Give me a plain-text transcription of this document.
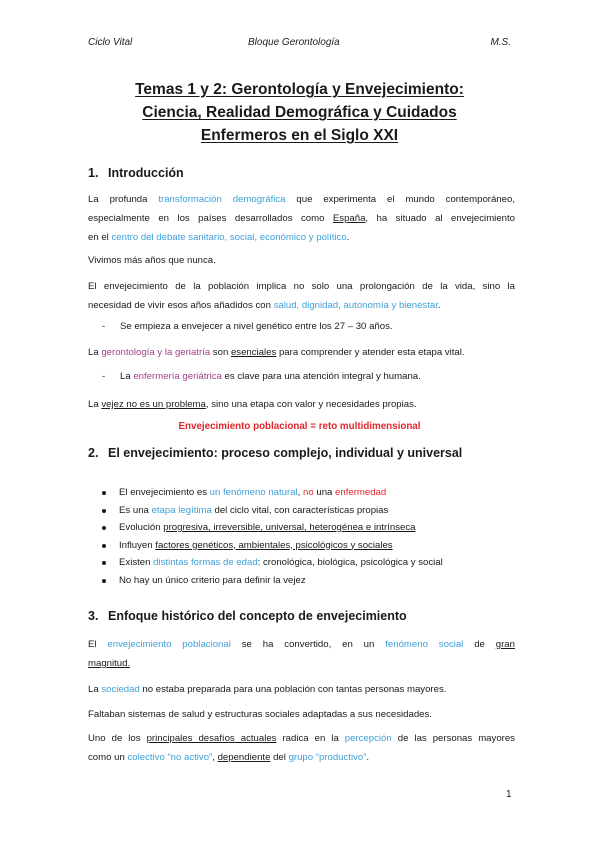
Ciclo Vital	Bloque Gerontología	M.S.
Temas 1 y 2: Gerontología y Envejecimiento:
Ciencia, Realidad Demográfica y Cuidados
Enfermeros en el Siglo XXI
1. Introducción
La profunda transformación demográfica que experimenta el mundo contemporáneo,
especialmente en los países desarrollados como España, ha situado al envejecimiento
en el centro del debate sanitario, social, económico y político.
Vivimos más años que nunca.
El envejecimiento de la población implica no solo una prolongación de la vida, sino la
necesidad de vivir esos años añadidos con salud, dignidad, autonomía y bienestar.
- Se empieza a envejecer a nivel genético entre los 27 – 30 años.
La gerontología y la geriatría son esenciales para comprender y atender esta etapa vital.
- La enfermería geriátrica es clave para una atención integral y humana.
La vejez no es un problema, sino una etapa con valor y necesidades propias.
Envejecimiento poblacional = reto multidimensional
2. El envejecimiento: proceso complejo, individual y universal
El envejecimiento es un fenómeno natural, no una enfermedad
Es una etapa legítima del ciclo vital, con características propias
Evolución progresiva, irreversible, universal, heterogénea e intrínseca
Influyen factores genéticos, ambientales, psicológicos y sociales
Existen distintas formas de edad: cronológica, biológica, psicológica y social
No hay un único criterio para definir la vejez
3. Enfoque histórico del concepto de envejecimiento
El envejecimiento poblacional se ha convertido, en un fenómeno social de gran
magnitud.
La sociedad no estaba preparada para una población con tantas personas mayores.
Faltaban sistemas de salud y estructuras sociales adaptadas a sus necesidades.
Uno de los principales desafíos actuales radica en la percepción de las personas mayores
como un colectivo “no activo”, dependiente del grupo “productivo”.
1
